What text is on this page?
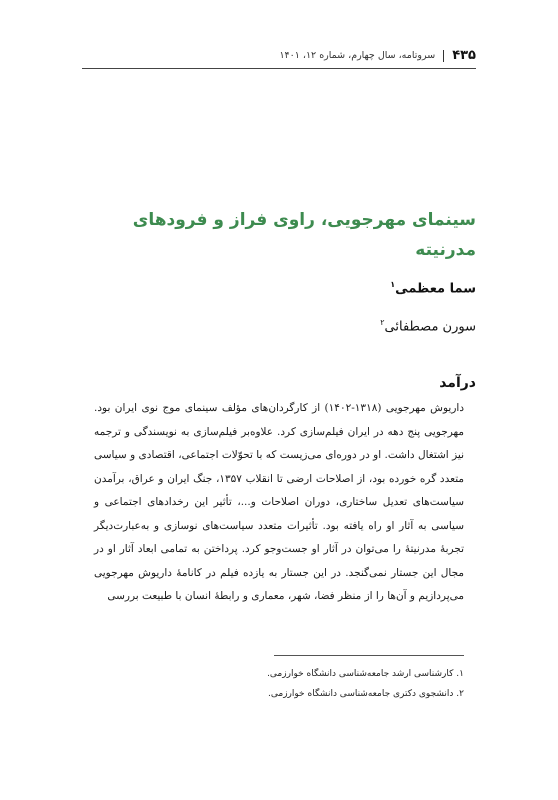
۴۳۵
سروتامه، سال چهارم، شماره ۱۲، ۱۴۰۱
سینمای مهرجویی، راوی فراز و فرودهای مدرنیته
سما معظمی$^۱$
سورن مصطفائی$^۲$
درآمد

داریوش مهرجویی (۱۳۱۸-۱۴۰۲) از کارگردان‌های مؤلف سینمای موج نوی ایران بود. مهرجویی پنج دهه در ایران فیلم‌سازی کرد. علاوه‌بر فیلم‌سازی به نویسندگی و ترجمه نیز اشتغال داشت. او در دوره‌ای می‌زیست که با تحوّلات اجتماعی، اقتصادی و سیاسی متعدد گره خورده بود، از اصلاحات ارضی تا انقلاب ۱۳۵۷، جنگ ایران و عراق، برآمدن سیاست‌های تعدیل ساختاری، دوران اصلاحات و...، تأثیر این رخدادهای اجتماعی و سیاسی به آثار او راه یافته بود. تأثیرات متعدد سیاست‌های نوسازی و به‌عبارت‌دیگر تجربهٔ مدرنیتهٔ را می‌توان در آثار او جست‌وجو کرد. پرداختن به تمامی ابعاد آثار او در مجال این جستار نمی‌گنجد. در این جستار به یازده فیلم در کانامهٔ داریوش مهرجویی می‌پردازیم و آن‌ها را از منظر فضا، شهر، معماری و رابطهٔ انسان با طبیعت بررسی

۱. کارشناسی ارشد جامعه‌شناسی دانشگاه خوارزمی.
۲. دانشجوی دکتری جامعه‌شناسی دانشگاه خوارزمی.
